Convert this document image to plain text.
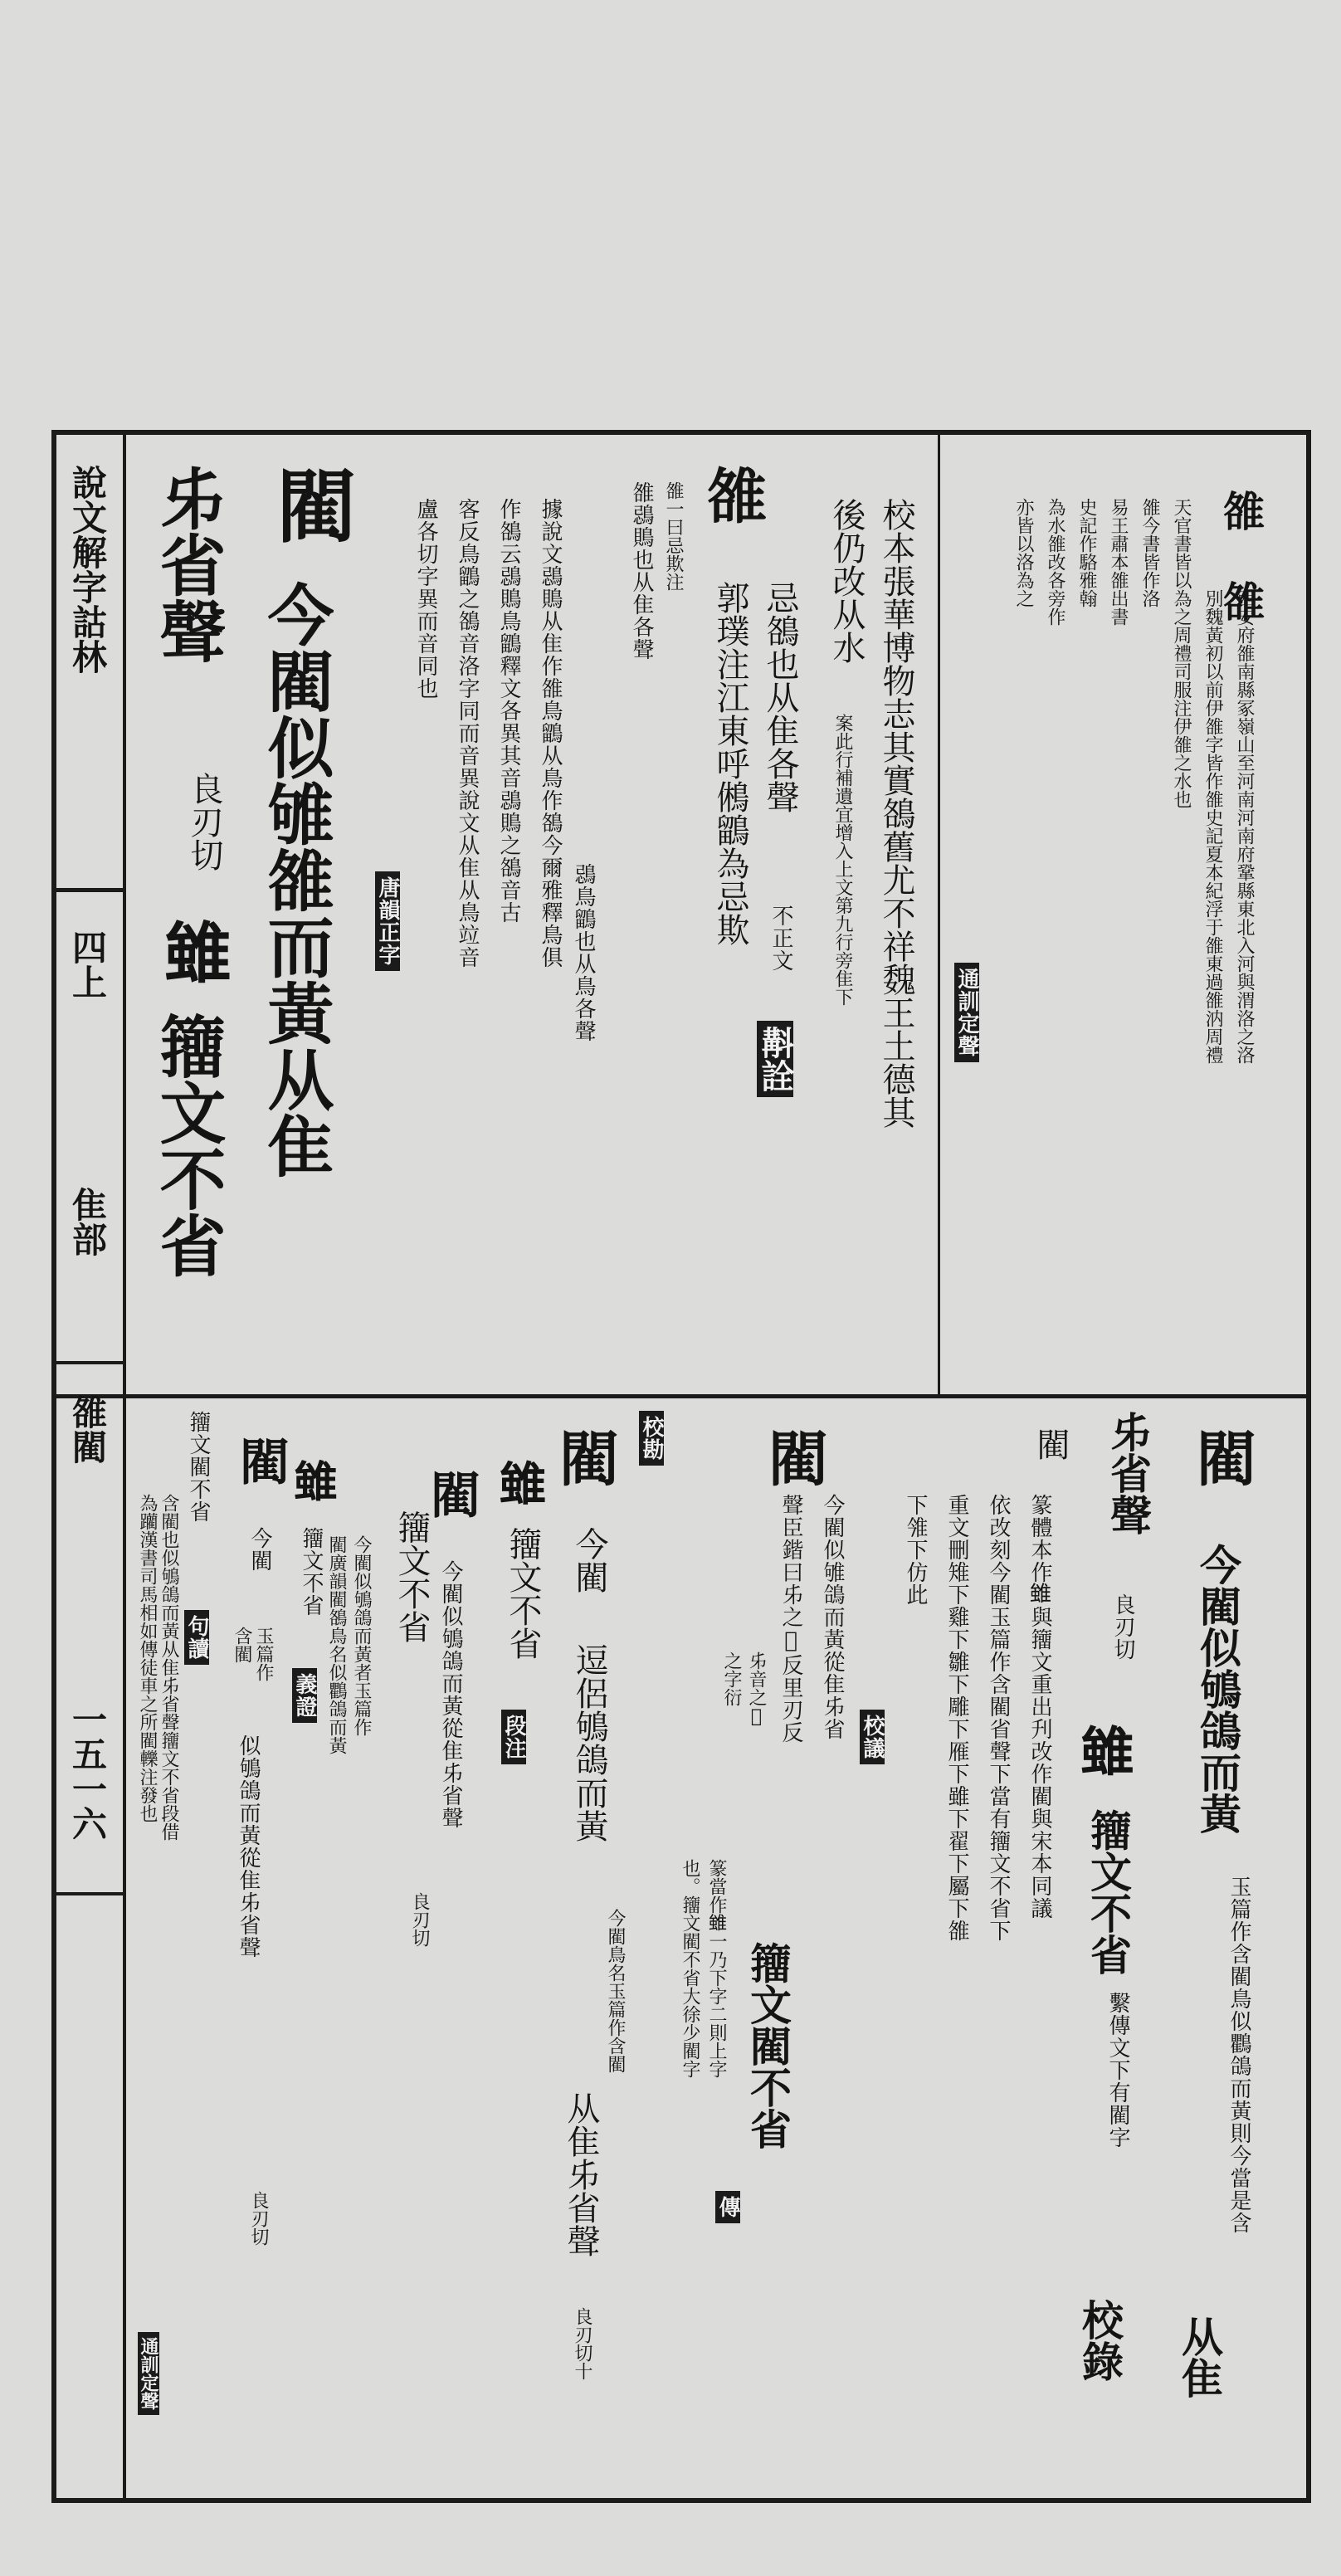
說文解字詁林
四上
隹部
雒閵
一五一六
雒 雒
西安府雒南縣冢嶺山至河南河南府鞏縣東北入河與渭洛之洛
別魏黃初以前伊雒字皆作雒史記夏本紀浮于雒東過雒汭周禮
天官書皆以為之周禮司服注伊雒之水也
雒今書皆作洛
易王肅本雒出書
史記作駱雅翰
為水雒改各旁作
亦皆以洛為之
通訓定聲
校本張華博物志其實鵅舊尤不祥魏王土德其
後仍改从水
案此行補遺宜增入上文第九行旁隹下
雒
忌鵅也从隹各聲
不正文
斠詮
郭璞注江東呼鵂鶹為忌欺
雒一曰忌欺注
雒鵋鵙也从隹各聲
鵋鳥鶹也从鳥各聲
據說文鵋鵙从隹作雒鳥鶹从鳥作鵅今爾雅釋鳥俱
作鵅云鵋鵙鳥鶹釋文各異其音鵋鵙之鵅音古
客反鳥鶹之鵅音洛字同而音異說文从隹从鳥竝音
盧各切字異而音同也
唐韻正字
閵
今閵似雊雒而黃从隹
𠂔省聲
良刃切
𨿽
籒文不省
閵
今閵似鴝鴿而黃
玉篇作含閵鳥似鸜鴿而黃則今當是含
从隹
𠂔省聲
良刃切
𨿽
籒文不省
繫傳文下有閵字
校錄
閵
篆體本作𨿽與籒文重出刋改作閵與宋本同議
依改刻今閵玉篇作含閵省聲下當有籒文不省下
重文刪雉下雞下雛下雕下雁下雖下翟下屬下雒
下雂下仿此
校議
閵
今閵似雊鴿而黃從隹𠂔省
聲臣鍇曰𠂔之𢽳反里刃反
𠂔音之𢽳
之字衍
籒文閵不省
傳
篆當作𨿽一乃下字二則上字
也。籒文閵不省大徐少閵字
校勘
閵
今閵
逗侶鴝鴿而黃
今閵鳥名玉篇作含閵
从隹𠂔省聲
良刃切十
𨿽
籒文不省
段注
閵
今閵似鴝鴿而黃從隹𠂔省聲
良刃切
籒文不省
今閵似鴝鴿而黃者玉篇作
閵廣韻閵鵅鳥名似鸜鴿而黃
𨿽
籒文不省
義證
閵
今閵
玉篇作
含閵
似鴝鴿而黃從隹𠂔省聲
良刃切
籒文閵不省
句讀
含閵也似鴝鴿而黃从隹𠂔省聲籒文不省段借
為躪漢書司馬相如傳徒車之所閵轢注發也
通訓定聲
